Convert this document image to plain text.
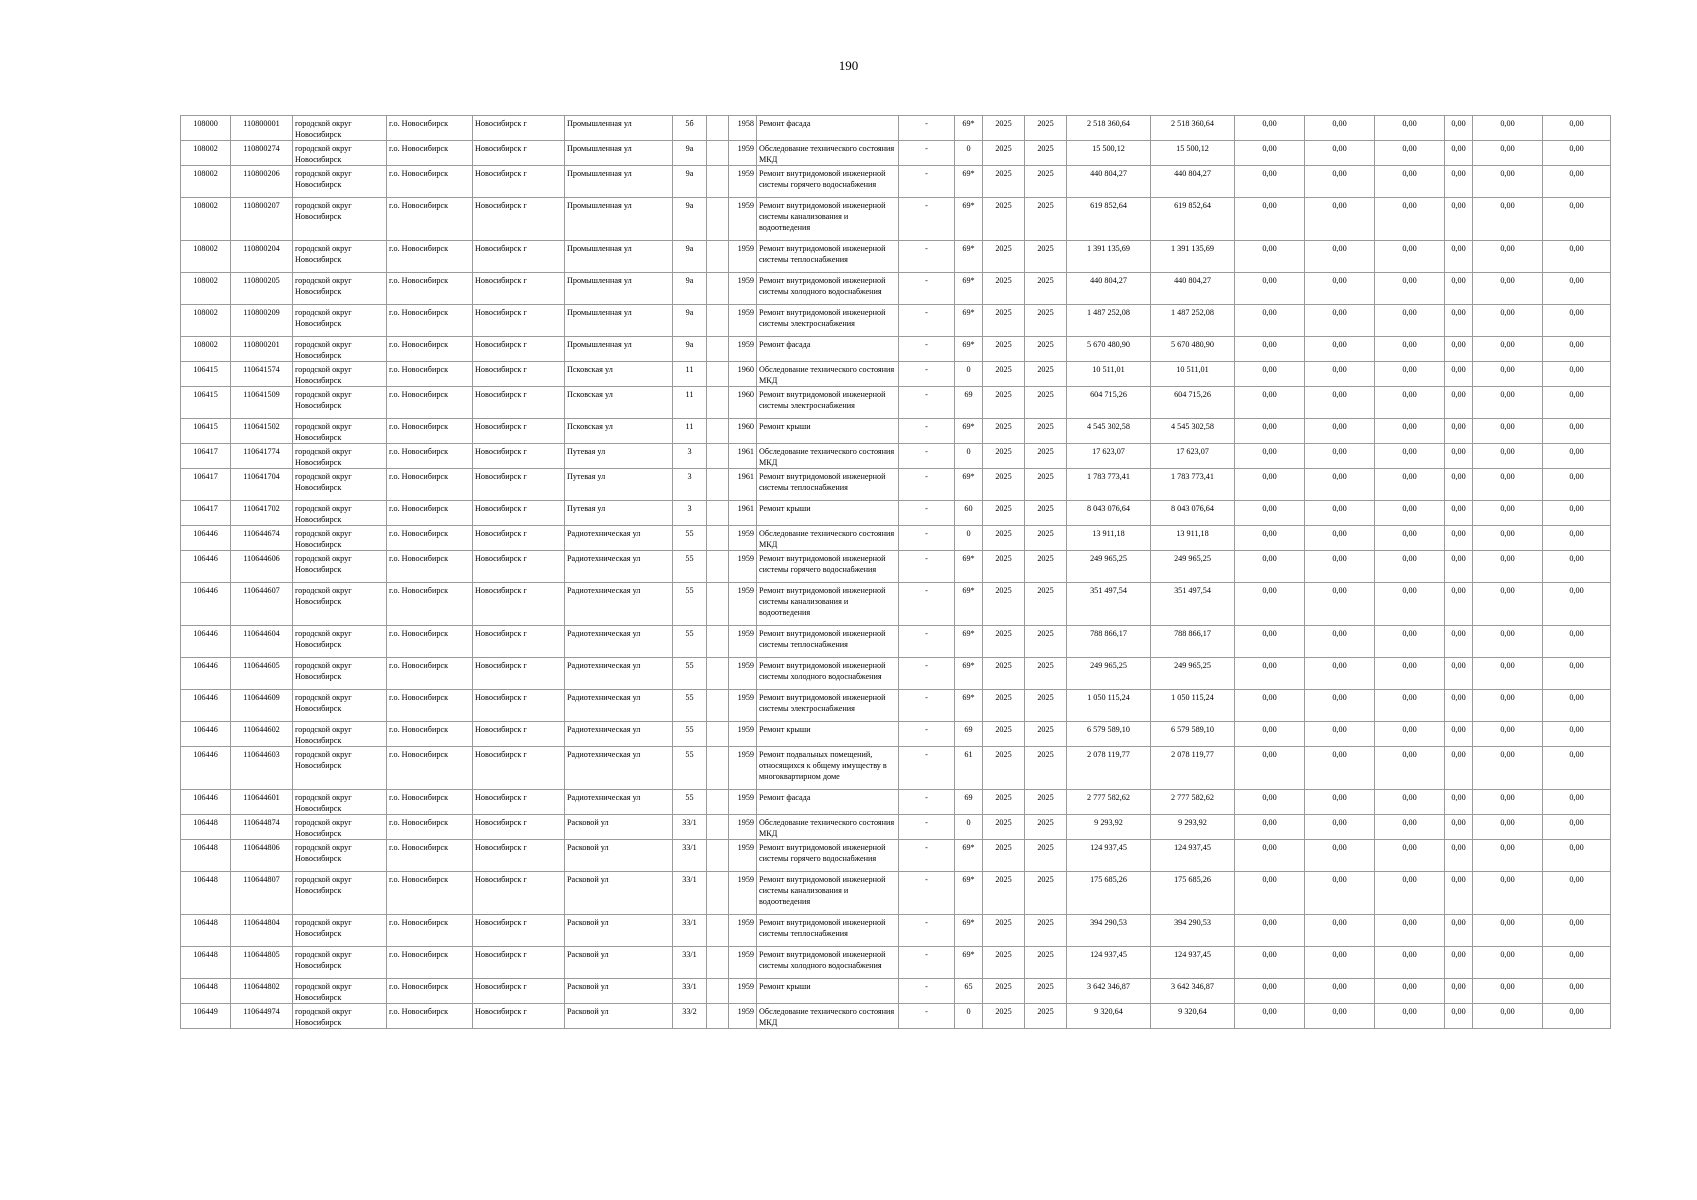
190
108000	110800001	городской округ Новосибирск	г.о. Новосибирск	Новосибирск г	Промышленная ул	5б		1958	Ремонт фасада	-	69*	2025	2025	2 518 360,64	2 518 360,64	0,00	0,00	0,00	0,00	0,00	0,00
108002	110800274	городской округ Новосибирск	г.о. Новосибирск	Новосибирск г	Промышленная ул	9а		1959	Обследование технического состояния МКД	-	0	2025	2025	15 500,12	15 500,12	0,00	0,00	0,00	0,00	0,00	0,00
108002	110800206	городской округ Новосибирск	г.о. Новосибирск	Новосибирск г	Промышленная ул	9а		1959	Ремонт внутридомовой инженерной системы горячего водоснабжения	-	69*	2025	2025	440 804,27	440 804,27	0,00	0,00	0,00	0,00	0,00	0,00
108002	110800207	городской округ Новосибирск	г.о. Новосибирск	Новосибирск г	Промышленная ул	9а		1959	Ремонт внутридомовой инженерной системы канализования и водоотведения	-	69*	2025	2025	619 852,64	619 852,64	0,00	0,00	0,00	0,00	0,00	0,00
108002	110800204	городской округ Новосибирск	г.о. Новосибирск	Новосибирск г	Промышленная ул	9а		1959	Ремонт внутридомовой инженерной системы теплоснабжения	-	69*	2025	2025	1 391 135,69	1 391 135,69	0,00	0,00	0,00	0,00	0,00	0,00
108002	110800205	городской округ Новосибирск	г.о. Новосибирск	Новосибирск г	Промышленная ул	9а		1959	Ремонт внутридомовой инженерной системы холодного водоснабжения	-	69*	2025	2025	440 804,27	440 804,27	0,00	0,00	0,00	0,00	0,00	0,00
108002	110800209	городской округ Новосибирск	г.о. Новосибирск	Новосибирск г	Промышленная ул	9а		1959	Ремонт внутридомовой инженерной системы электроснабжения	-	69*	2025	2025	1 487 252,08	1 487 252,08	0,00	0,00	0,00	0,00	0,00	0,00
108002	110800201	городской округ Новосибирск	г.о. Новосибирск	Новосибирск г	Промышленная ул	9а		1959	Ремонт фасада	-	69*	2025	2025	5 670 480,90	5 670 480,90	0,00	0,00	0,00	0,00	0,00	0,00
106415	110641574	городской округ Новосибирск	г.о. Новосибирск	Новосибирск г	Псковская ул	11		1960	Обследование технического состояния МКД	-	0	2025	2025	10 511,01	10 511,01	0,00	0,00	0,00	0,00	0,00	0,00
106415	110641509	городской округ Новосибирск	г.о. Новосибирск	Новосибирск г	Псковская ул	11		1960	Ремонт внутридомовой инженерной системы электроснабжения	-	69	2025	2025	604 715,26	604 715,26	0,00	0,00	0,00	0,00	0,00	0,00
106415	110641502	городской округ Новосибирск	г.о. Новосибирск	Новосибирск г	Псковская ул	11		1960	Ремонт крыши	-	69*	2025	2025	4 545 302,58	4 545 302,58	0,00	0,00	0,00	0,00	0,00	0,00
106417	110641774	городской округ Новосибирск	г.о. Новосибирск	Новосибирск г	Путевая ул	3		1961	Обследование технического состояния МКД	-	0	2025	2025	17 623,07	17 623,07	0,00	0,00	0,00	0,00	0,00	0,00
106417	110641704	городской округ Новосибирск	г.о. Новосибирск	Новосибирск г	Путевая ул	3		1961	Ремонт внутридомовой инженерной системы теплоснабжения	-	69*	2025	2025	1 783 773,41	1 783 773,41	0,00	0,00	0,00	0,00	0,00	0,00
106417	110641702	городской округ Новосибирск	г.о. Новосибирск	Новосибирск г	Путевая ул	3		1961	Ремонт крыши	-	60	2025	2025	8 043 076,64	8 043 076,64	0,00	0,00	0,00	0,00	0,00	0,00
106446	110644674	городской округ Новосибирск	г.о. Новосибирск	Новосибирск г	Радиотехническая ул	55		1959	Обследование технического состояния МКД	-	0	2025	2025	13 911,18	13 911,18	0,00	0,00	0,00	0,00	0,00	0,00
106446	110644606	городской округ Новосибирск	г.о. Новосибирск	Новосибирск г	Радиотехническая ул	55		1959	Ремонт внутридомовой инженерной системы горячего водоснабжения	-	69*	2025	2025	249 965,25	249 965,25	0,00	0,00	0,00	0,00	0,00	0,00
106446	110644607	городской округ Новосибирск	г.о. Новосибирск	Новосибирск г	Радиотехническая ул	55		1959	Ремонт внутридомовой инженерной системы канализования и водоотведения	-	69*	2025	2025	351 497,54	351 497,54	0,00	0,00	0,00	0,00	0,00	0,00
106446	110644604	городской округ Новосибирск	г.о. Новосибирск	Новосибирск г	Радиотехническая ул	55		1959	Ремонт внутридомовой инженерной системы теплоснабжения	-	69*	2025	2025	788 866,17	788 866,17	0,00	0,00	0,00	0,00	0,00	0,00
106446	110644605	городской округ Новосибирск	г.о. Новосибирск	Новосибирск г	Радиотехническая ул	55		1959	Ремонт внутридомовой инженерной системы холодного водоснабжения	-	69*	2025	2025	249 965,25	249 965,25	0,00	0,00	0,00	0,00	0,00	0,00
106446	110644609	городской округ Новосибирск	г.о. Новосибирск	Новосибирск г	Радиотехническая ул	55		1959	Ремонт внутридомовой инженерной системы электроснабжения	-	69*	2025	2025	1 050 115,24	1 050 115,24	0,00	0,00	0,00	0,00	0,00	0,00
106446	110644602	городской округ Новосибирск	г.о. Новосибирск	Новосибирск г	Радиотехническая ул	55		1959	Ремонт крыши	-	69	2025	2025	6 579 589,10	6 579 589,10	0,00	0,00	0,00	0,00	0,00	0,00
106446	110644603	городской округ Новосибирск	г.о. Новосибирск	Новосибирск г	Радиотехническая ул	55		1959	Ремонт подвальных помещений, относящихся к общему имуществу в многоквартирном доме	-	61	2025	2025	2 078 119,77	2 078 119,77	0,00	0,00	0,00	0,00	0,00	0,00
106446	110644601	городской округ Новосибирск	г.о. Новосибирск	Новосибирск г	Радиотехническая ул	55		1959	Ремонт фасада	-	69	2025	2025	2 777 582,62	2 777 582,62	0,00	0,00	0,00	0,00	0,00	0,00
106448	110644874	городской округ Новосибирск	г.о. Новосибирск	Новосибирск г	Расковой ул	33/1		1959	Обследование технического состояния МКД	-	0	2025	2025	9 293,92	9 293,92	0,00	0,00	0,00	0,00	0,00	0,00
106448	110644806	городской округ Новосибирск	г.о. Новосибирск	Новосибирск г	Расковой ул	33/1		1959	Ремонт внутридомовой инженерной системы горячего водоснабжения	-	69*	2025	2025	124 937,45	124 937,45	0,00	0,00	0,00	0,00	0,00	0,00
106448	110644807	городской округ Новосибирск	г.о. Новосибирск	Новосибирск г	Расковой ул	33/1		1959	Ремонт внутридомовой инженерной системы канализования и водоотведения	-	69*	2025	2025	175 685,26	175 685,26	0,00	0,00	0,00	0,00	0,00	0,00
106448	110644804	городской округ Новосибирск	г.о. Новосибирск	Новосибирск г	Расковой ул	33/1		1959	Ремонт внутридомовой инженерной системы теплоснабжения	-	69*	2025	2025	394 290,53	394 290,53	0,00	0,00	0,00	0,00	0,00	0,00
106448	110644805	городской округ Новосибирск	г.о. Новосибирск	Новосибирск г	Расковой ул	33/1		1959	Ремонт внутридомовой инженерной системы холодного водоснабжения	-	69*	2025	2025	124 937,45	124 937,45	0,00	0,00	0,00	0,00	0,00	0,00
106448	110644802	городской округ Новосибирск	г.о. Новосибирск	Новосибирск г	Расковой ул	33/1		1959	Ремонт крыши	-	65	2025	2025	3 642 346,87	3 642 346,87	0,00	0,00	0,00	0,00	0,00	0,00
106449	110644974	городской округ Новосибирск	г.о. Новосибирск	Новосибирск г	Расковой ул	33/2		1959	Обследование технического состояния МКД	-	0	2025	2025	9 320,64	9 320,64	0,00	0,00	0,00	0,00	0,00	0,00
